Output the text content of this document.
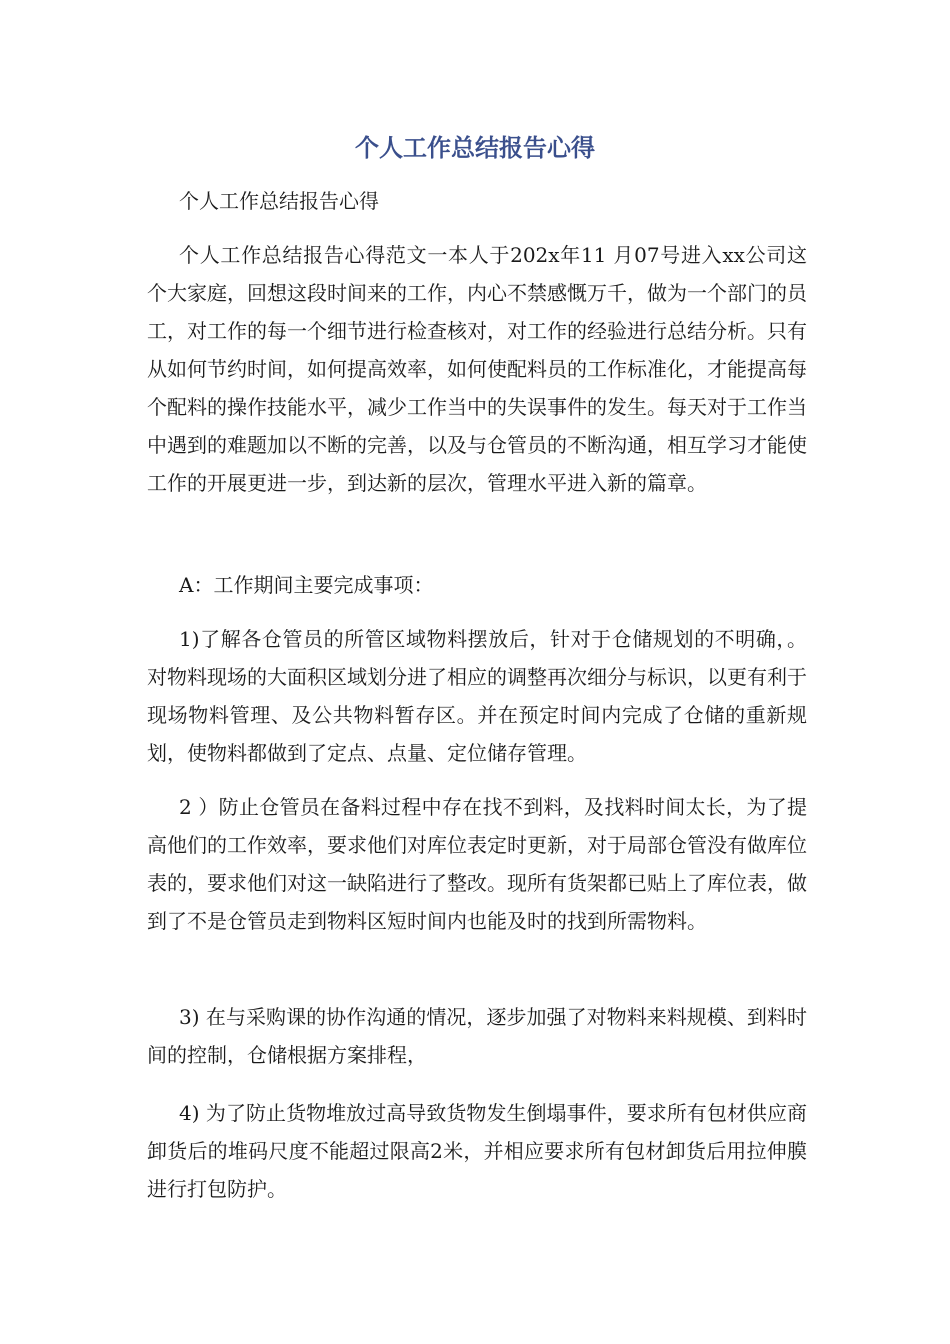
个人工作总结报告心得

个人工作总结报告心得

个人工作总结报告心得范文一本人于202x年11 月07号进入xx公司这个大家庭，回想这段时间来的工作，内心不禁感慨万千，做为一个部门的员工，对工作的每一个细节进行检查核对，对工作的经验进行总结分析。只有从如何节约时间，如何提高效率，如何使配料员的工作标准化，才能提高每个配料的操作技能水平，减少工作当中的失误事件的发生。每天对于工作当中遇到的难题加以不断的完善，以及与仓管员的不断沟通，相互学习才能使工作的开展更进一步，到达新的层次，管理水平进入新的篇章。

A：工作期间主要完成事项：

1)了解各仓管员的所管区域物料摆放后，针对于仓储规划的不明确，。对物料现场的大面积区域划分进了相应的调整再次细分与标识，以更有利于现场物料管理、及公共物料暂存区。并在预定时间内完成了仓储的重新规划，使物料都做到了定点、点量、定位储存管理。

2 ）防止仓管员在备料过程中存在找不到料，及找料时间太长，为了提高他们的工作效率，要求他们对库位表定时更新，对于局部仓管没有做库位表的，要求他们对这一缺陷进行了整改。现所有货架都已贴上了库位表，做到了不是仓管员走到物料区短时间内也能及时的找到所需物料。

3) 在与采购课的协作沟通的情况，逐步加强了对物料来料规模、到料时间的控制，仓储根据方案排程，

4) 为了防止货物堆放过高导致货物发生倒塌事件，要求所有包材供应商卸货后的堆码尺度不能超过限高2米，并相应要求所有包材卸货后用拉伸膜进行打包防护。
